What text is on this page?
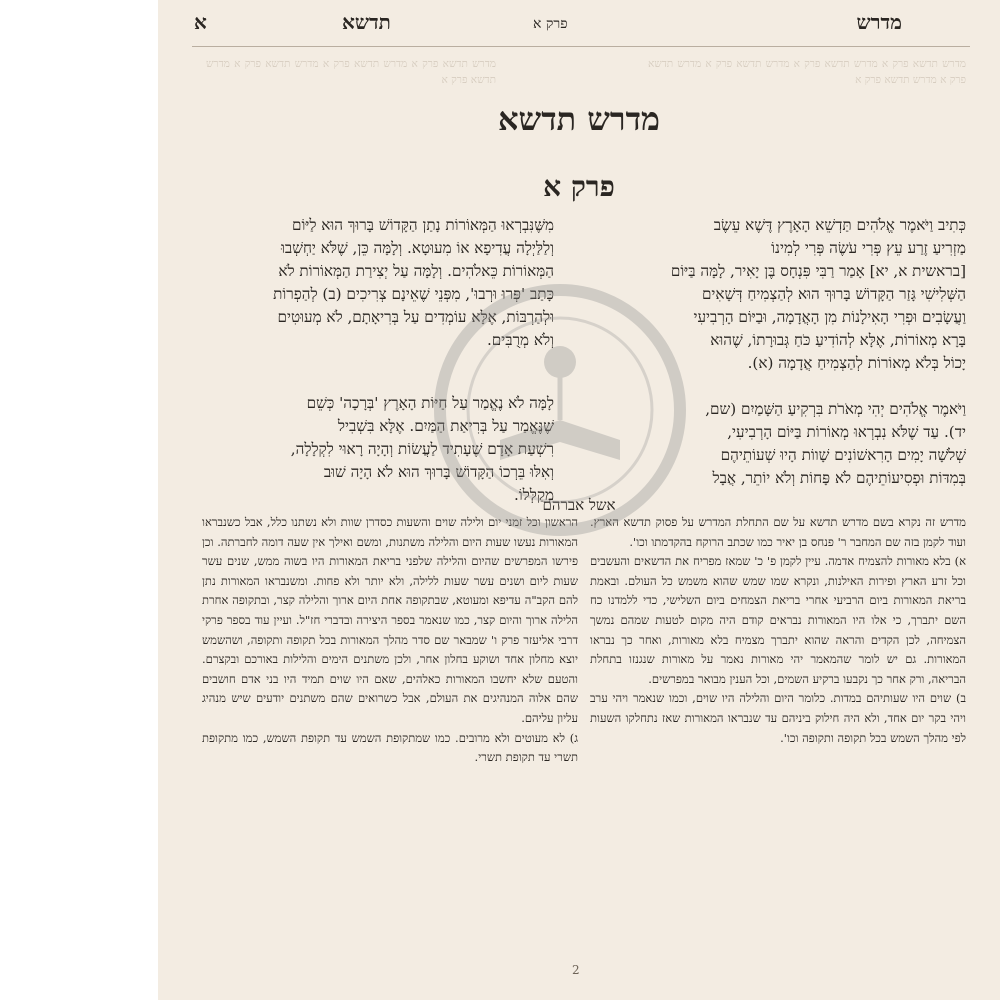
מדרש
פרק א
תדשא
א
מדרש תדשא פרק א מדרש תדשא פרק א מדרש תדשא פרק א מדרש תדשא פרק א מדרש תדשא פרק א
מדרש תדשא פרק א מדרש תדשא פרק א מדרש תדשא פרק א מדרש תדשא פרק א
מדרש תדשא
פרק א
כְּתִיב וַיֹּאמֶר אֱלֹהִים תַּדְשֵׁא הָאָרֶץ דֶּשֶׁא עֵשֶׂב
מַזְרִיעַ זֶרַע עֵץ פְּרִי עֹשֶׂה פְּרִי לְמִינוֹ
[בראשית א, יא] אָמַר רַבִּי פִּנְחָס בֶּן יָאִיר, לָמָּה בַּיּוֹם
הַשְּׁלִישִׁי גָּזַר הַקָּדוֹשׁ בָּרוּךְ הוּא לְהַצְמִיחַ דְּשָׁאִים
וַעֲשָׂבִים וּפְרִי הָאִילָנוֹת מִן הָאֲדָמָה, וּבַיּוֹם הָרְבִיעִי
בָּרָא מְאוֹרוֹת, אֶלָּא לְהוֹדִיעַ כֹּחַ גְּבוּרָתוֹ, שֶׁהוּא
יָכוֹל בְּלֹא מְאוֹרוֹת לְהַצְמִיחַ אֲדָמָה (א).

וַיֹּאמֶר אֱלֹהִים יְהִי מְאֹרֹת בִּרְקִיעַ הַשָּׁמַיִם (שם,
יד). עַד שֶׁלֹּא נִבְרְאוּ מְאוֹרוֹת בַּיּוֹם הָרְבִיעִי,
שְׁלֹשָׁה יָמִים הָרִאשׁוֹנִים שָׁווֹת הָיוּ שְׁעוֹתֵיהֶם
בְּמִדּוֹת וּפְסִיעוֹתֵיהֶם לֹא פָּחוֹת וְלֹא יוֹתֵר, אֲבָל
מִשֶּׁנִּבְרְאוּ הַמְּאוֹרוֹת נָתַן הַקָּדוֹשׁ בָּרוּךְ הוּא לַיּוֹם
וְלַלַּיְלָה עֲדִיפָא אוֹ מִעוּטָא. וְלָמָּה כֵּן, שֶׁלֹּא יַחְשְׁבוּ
הַמְּאוֹרוֹת כֵּאלֹהִים. וְלָמָּה עַל יְצִירַת הַמְּאוֹרוֹת לֹא
כָּתַב 'פְּרוּ וּרְבוּ', מִפְּנֵי שֶׁאֵינָם צְרִיכִים (ב) לְהַפְרוֹת
וּלְהַרְבּוֹת, אֶלָּא עוֹמְדִים עַל בְּרִיאָתָם, לֹא מְעוּטִים
וְלֹא מְרֻבִּים.
לָמָּה לֹא נֶאֱמַר עַל חַיּוֹת הָאָרֶץ 'בְּרָכָה' כְּשֵׁם
שֶׁנֶּאֱמַר עַל בְּרִיאַת הַמַּיִם. אֶלָּא בִּשְׁבִיל
רִשְׁעַת אָדָם שֶׁעָתִיד לַעֲשׂוֹת וְהָיָה רָאוּי לִקְלָלָה,
וְאִלּוּ בֵּרְכוֹ הַקָּדוֹשׁ בָּרוּךְ הוּא לֹא הָיָה שׁוּב
מְקַלְּלוֹ.
אשל אברהם
מדרש זה נקרא בשם מדרש תדשא על שם התחלת המדרש על פסוק תדשא הארץ. ועוד לקמן בזה שם המחבר ר' פנחס בן יאיר כמו שכתב הרוקח בהקדמתו וכו'.
א) בלא מאורות להצמיח אדמה. עיין לקמן פ' כ' שמאז מפריח את הדשאים והעשבים וכל זרע הארץ ופירות האילנות, ונקרא שמו שמש שהוא משמש כל העולם. ובאמת בריאת המאורות ביום הרביעי אחרי בריאת הצמחים ביום השלישי, כדי ללמדנו כח השם יתברך, כי אלו היו המאורות נבראים קודם היה מקום לטעות שמהם נמשך הצמיחה, לכן הקדים והראה שהוא יתברך מצמיח בלא מאורות, ואחר כך נבראו המאורות. גם יש לומר שהמאמר יהי מאורות נאמר על מאורות שנגנזו בתחלת הבריאה, ורק אחר כך נקבעו ברקיע השמים, וכל הענין מבואר במפרשים.
ב) שוים היו שעותיהם במדות. כלומר היום והלילה היו שוים, וכמו שנאמר ויהי ערב ויהי בקר יום אחד, ולא היה חילוק ביניהם עד שנבראו המאורות שאז נתחלקו השעות לפי מהלך השמש בכל תקופה ותקופה וכו'.
הראשון וכל זמני יום ולילה שוים והשעות כסדרן שוות ולא נשתנו כלל, אבל כשנבראו המאורות נעשו שעות היום והלילה משתנות, ומשם ואילך אין שעה דומה לחברתה. וכן פירשו המפרשים שהיום והלילה שלפני בריאת המאורות היו בשוה ממש, שנים עשר שעות ליום ושנים עשר שעות ללילה, ולא יותר ולא פחות. ומשנבראו המאורות נתן להם הקב"ה עדיפא ומעוטא, שבתקופה אחת היום ארוך והלילה קצר, ובתקופה אחרת הלילה ארוך והיום קצר, כמו שנאמר בספר היצירה ובדברי חז"ל. ועיין עוד בספר פרקי דרבי אליעזר פרק ו' שמבאר שם סדר מהלך המאורות בכל תקופה ותקופה, ושהשמש יוצא מחלון אחד ושוקע בחלון אחר, ולכן משתנים הימים והלילות באורכם ובקצרם. והטעם שלא יחשבו המאורות כאלהים, שאם היו שוים תמיד היו בני אדם חושבים שהם אלוה המנהיגים את העולם, אבל כשרואים שהם משתנים יודעים שיש מנהיג עליון עליהם.
ג) לא מעוטים ולא מרובים. כמו שמתקופת השמש עד תקופת השמש, כמו מתקופת תשרי עד תקופת תשרי.
2
